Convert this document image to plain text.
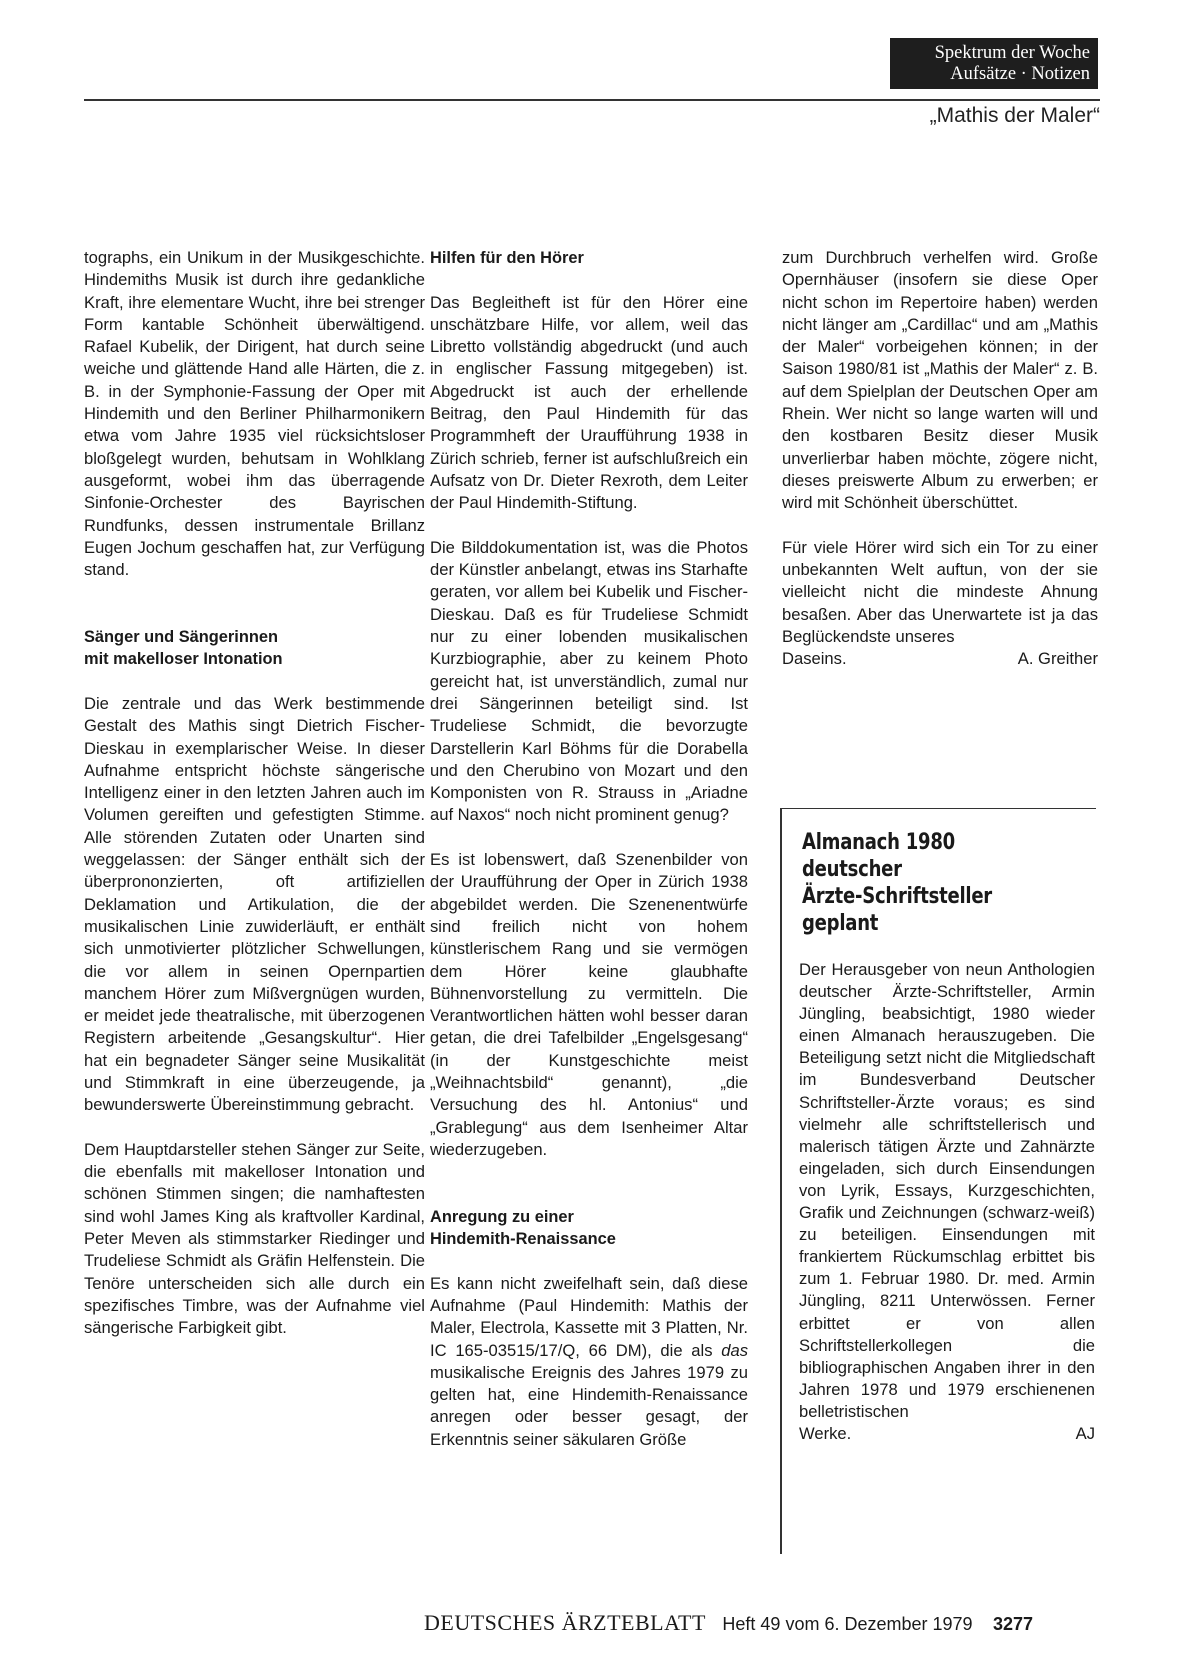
Spektrum der Woche
Aufsätze · Notizen
„Mathis der Maler“

tographs, ein Unikum in der Musikgeschichte. Hindemiths Musik ist durch ihre gedankliche Kraft, ihre elementare Wucht, ihre bei strenger Form kantable Schönheit überwältigend. Rafael Kubelik, der Dirigent, hat durch seine weiche und glättende Hand alle Härten, die z. B. in der Symphonie-Fassung der Oper mit Hindemith und den Berliner Philharmonikern etwa vom Jahre 1935 viel rücksichtsloser bloßgelegt wurden, behutsam in Wohlklang ausgeformt, wobei ihm das überragende Sinfonie-Orchester des Bayrischen Rundfunks, dessen instrumentale Brillanz Eugen Jochum geschaffen hat, zur Verfügung stand.

Sänger und Sängerinnen
mit makelloser Intonation

Die zentrale und das Werk bestimmende Gestalt des Mathis singt Dietrich Fischer-Dieskau in exemplarischer Weise. In dieser Aufnahme entspricht höchste sängerische Intelligenz einer in den letzten Jahren auch im Volumen gereiften und gefestigten Stimme. Alle störenden Zutaten oder Unarten sind weggelassen: der Sänger enthält sich der überprononzierten, oft artifiziellen Deklamation und Artikulation, die der musikalischen Linie zuwiderläuft, er enthält sich unmotivierter plötzlicher Schwellungen, die vor allem in seinen Opernpartien manchem Hörer zum Mißvergnügen wurden, er meidet jede theatralische, mit überzogenen Registern arbeitende „Gesangskultur“. Hier hat ein begnadeter Sänger seine Musikalität und Stimmkraft in eine überzeugende, ja bewunderswerte Übereinstimmung gebracht.

Dem Hauptdarsteller stehen Sänger zur Seite, die ebenfalls mit makelloser Intonation und schönen Stimmen singen; die namhaftesten sind wohl James King als kraftvoller Kardinal, Peter Meven als stimmstarker Riedinger und Trudeliese Schmidt als Gräfin Helfenstein. Die Tenöre unterscheiden sich alle durch ein spezifisches Timbre, was der Aufnahme viel sängerische Farbigkeit gibt.

Hilfen für den Hörer

Das Begleitheft ist für den Hörer eine unschätzbare Hilfe, vor allem, weil das Libretto vollständig abgedruckt (und auch in englischer Fassung mitgegeben) ist. Abgedruckt ist auch der erhellende Beitrag, den Paul Hindemith für das Programmheft der Uraufführung 1938 in Zürich schrieb, ferner ist aufschlußreich ein Aufsatz von Dr. Dieter Rexroth, dem Leiter der Paul Hindemith-Stiftung.

Die Bilddokumentation ist, was die Photos der Künstler anbelangt, etwas ins Starhafte geraten, vor allem bei Kubelik und Fischer-Dieskau. Daß es für Trudeliese Schmidt nur zu einer lobenden musikalischen Kurzbiographie, aber zu keinem Photo gereicht hat, ist unverständlich, zumal nur drei Sängerinnen beteiligt sind. Ist Trudeliese Schmidt, die bevorzugte Darstellerin Karl Böhms für die Dorabella und den Cherubino von Mozart und den Komponisten von R. Strauss in „Ariadne auf Naxos“ noch nicht prominent genug?

Es ist lobenswert, daß Szenenbilder von der Uraufführung der Oper in Zürich 1938 abgebildet werden. Die Szenenentwürfe sind freilich nicht von hohem künstlerischem Rang und sie vermögen dem Hörer keine glaubhafte Bühnenvorstellung zu vermitteln. Die Verantwortlichen hätten wohl besser daran getan, die drei Tafelbilder „Engelsgesang“ (in der Kunstgeschichte meist „Weihnachtsbild“ genannt), „die Versuchung des hl. Antonius“ und „Grablegung“ aus dem Isenheimer Altar wiederzugeben.

Anregung zu einer
Hindemith-Renaissance

Es kann nicht zweifelhaft sein, daß diese Aufnahme (Paul Hindemith: Mathis der Maler, Electrola, Kassette mit 3 Platten, Nr. IC 165-03515/17/Q, 66 DM), die als das musikalische Ereignis des Jahres 1979 zu gelten hat, eine Hindemith-Renaissance anregen oder besser gesagt, der Erkenntnis seiner säkularen Größe

zum Durchbruch verhelfen wird. Große Opernhäuser (insofern sie diese Oper nicht schon im Repertoire haben) werden nicht länger am „Cardillac“ und am „Mathis der Maler“ vorbeigehen können; in der Saison 1980/81 ist „Mathis der Maler“ z. B. auf dem Spielplan der Deutschen Oper am Rhein. Wer nicht so lange warten will und den kostbaren Besitz dieser Musik unverlierbar haben möchte, zögere nicht, dieses preiswerte Album zu erwerben; er wird mit Schönheit überschüttet.

Für viele Hörer wird sich ein Tor zu einer unbekannten Welt auftun, von der sie vielleicht nicht die mindeste Ahnung besaßen. Aber das Unerwartete ist ja das Beglückendste unseres

Daseins.	A. Greither
Almanach 1980
deutscher
Ärzte-Schriftsteller
geplant

Der Herausgeber von neun Anthologien deutscher Ärzte-Schriftsteller, Armin Jüngling, beabsichtigt, 1980 wieder einen Almanach herauszugeben. Die Beteiligung setzt nicht die Mitgliedschaft im Bundesverband Deutscher Schriftsteller-Ärzte voraus; es sind vielmehr alle schriftstellerisch und malerisch tätigen Ärzte und Zahnärzte eingeladen, sich durch Einsendungen von Lyrik, Essays, Kurzgeschichten, Grafik und Zeichnungen (schwarz-weiß) zu beteiligen. Einsendungen mit frankiertem Rückumschlag erbittet bis zum 1. Februar 1980. Dr. med. Armin Jüngling, 8211 Unterwössen. Ferner erbittet er von allen Schriftstellerkollegen die bibliographischen Angaben ihrer in den Jahren 1978 und 1979 erschienenen belletristischen

Werke.	AJ
DEUTSCHES ÄRZTEBLATT Heft 49 vom 6. Dezember 1979 3277
